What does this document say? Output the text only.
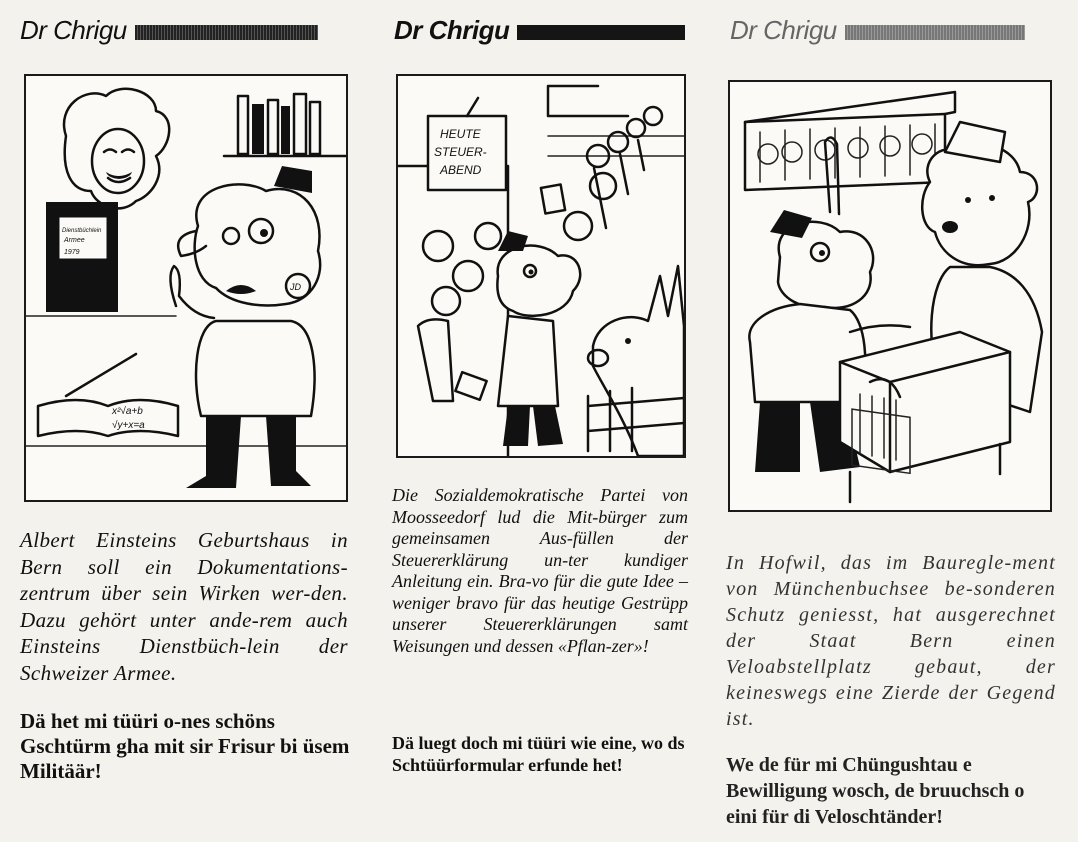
Dr Chrigu
Dienstbüchlein
Armee
1979
JD
x²√a+b
√y+x=a

Albert Einsteins Geburtshaus in Bern soll ein Dokumentations-zentrum über sein Wirken wer-den. Dazu gehört unter ande-rem auch Einsteins Dienstbüch-lein der Schweizer Armee.

Dä het mi tüüri o-nes schöns Gschtürm gha mit sir Frisur bi üsem Militäär!

Dr Chrigu
HEUTE
STEUER-
ABEND

Die Sozialdemokratische Partei von Moosseedorf lud die Mit-bürger zum gemeinsamen Aus-füllen der Steuererklärung un-ter kundiger Anleitung ein. Bra-vo für die gute Idee – weniger bravo für das heutige Gestrüpp unserer Steuererklärungen samt Weisungen und dessen «Pflan-zer»!

Dä luegt doch mi tüüri wie eine, wo ds Schtüürformular erfunde het!

Dr Chrigu

In Hofwil, das im Bauregle-ment von Münchenbuchsee be-sonderen Schutz geniesst, hat ausgerechnet der Staat Bern einen Veloabstellplatz gebaut, der keineswegs eine Zierde der Gegend ist.

We de für mi Chüngushtau e Bewilligung wosch, de bruuchsch o eini für di Veloschtänder!
